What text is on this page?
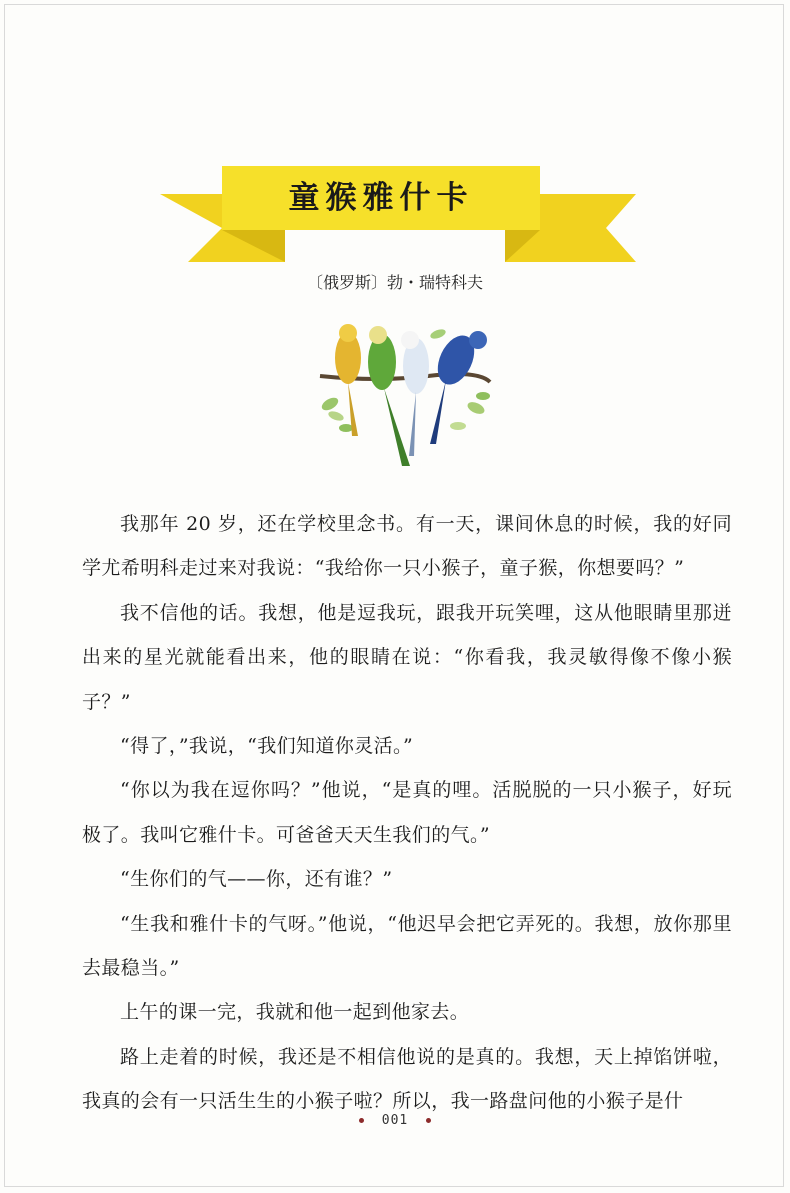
童猴雅什卡
〔俄罗斯〕勃・瑞特科夫

我那年 20 岁，还在学校里念书。有一天，课间休息的时候，我的好同学尤希明科走过来对我说：“我给你一只小猴子，童子猴，你想要吗？”

我不信他的话。我想，他是逗我玩，跟我开玩笑哩，这从他眼睛里那迸出来的星光就能看出来，他的眼睛在说：“你看我，我灵敏得像不像小猴子？”

“得了，”我说，“我们知道你灵活。”

“你以为我在逗你吗？”他说，“是真的哩。活脱脱的一只小猴子，好玩极了。我叫它雅什卡。可爸爸天天生我们的气。”

“生你们的气——你，还有谁？”

“生我和雅什卡的气呀。”他说，“他迟早会把它弄死的。我想，放你那里去最稳当。”

上午的课一完，我就和他一起到他家去。

路上走着的时候，我还是不相信他说的是真的。我想，天上掉馅饼啦，我真的会有一只活生生的小猴子啦？所以，我一路盘问他的小猴子是什

001
